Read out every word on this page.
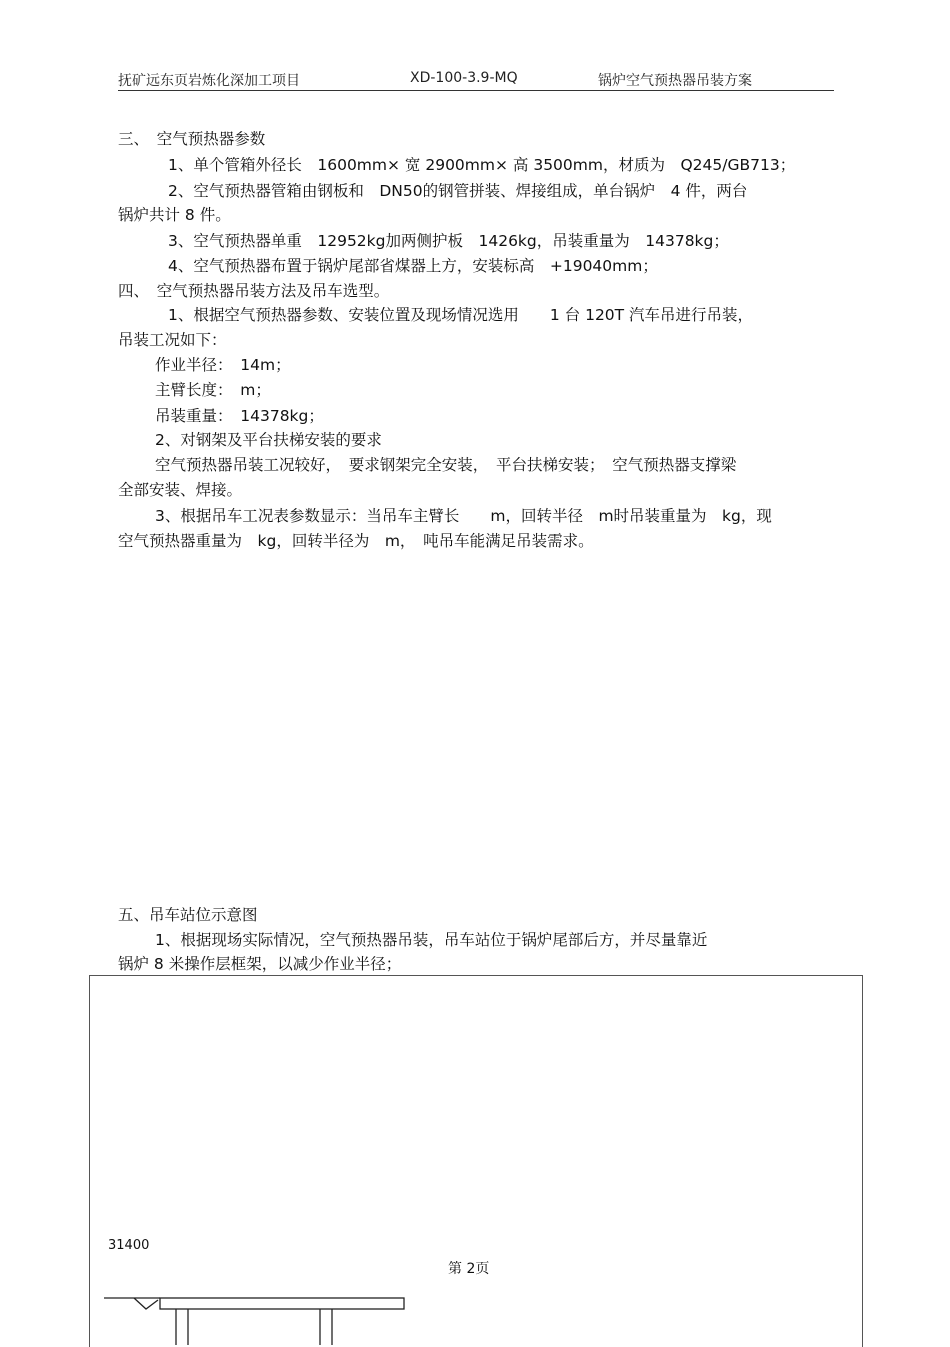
抚矿远东页岩炼化深加工项目	XD-100-3.9-MQ	锅炉空气预热器吊装方案
三、　空气预热器参数
1、单个管箱外径长　1600mm× 宽 2900mm× 高 3500mm，材质为　Q245/GB713；
2、空气预热器管箱由钢板和　DN50的钢管拼装、焊接组成，单台锅炉　4 件，两台
锅炉共计 8 件。
3、空气预热器单重　12952kg加两侧护板　1426kg，吊装重量为　14378kg；
4、空气预热器布置于锅炉尾部省煤器上方，安装标高　+19040mm；
四、　空气预热器吊装方法及吊车选型。
1、根据空气预热器参数、安装位置及现场情况选用　　1 台 120T 汽车吊进行吊装，
吊装工况如下：
作业半径：　14m；
主臂长度：　m；
吊装重量：　14378kg；
2、对钢架及平台扶梯安装的要求
空气预热器吊装工况较好，　要求钢架完全安装，　平台扶梯安装；　空气预热器支撑梁
全部安装、焊接。
3、根据吊车工况表参数显示：当吊车主臂长　　m，回转半径　m时吊装重量为　kg，现
空气预热器重量为　kg，回转半径为　m，　吨吊车能满足吊装需求。
五、吊车站位示意图
1、根据现场实际情况，空气预热器吊装，吊车站位于锅炉尾部后方，并尽量靠近
锅炉 8 米操作层框架，以减少作业半径；
31400
第 2页
